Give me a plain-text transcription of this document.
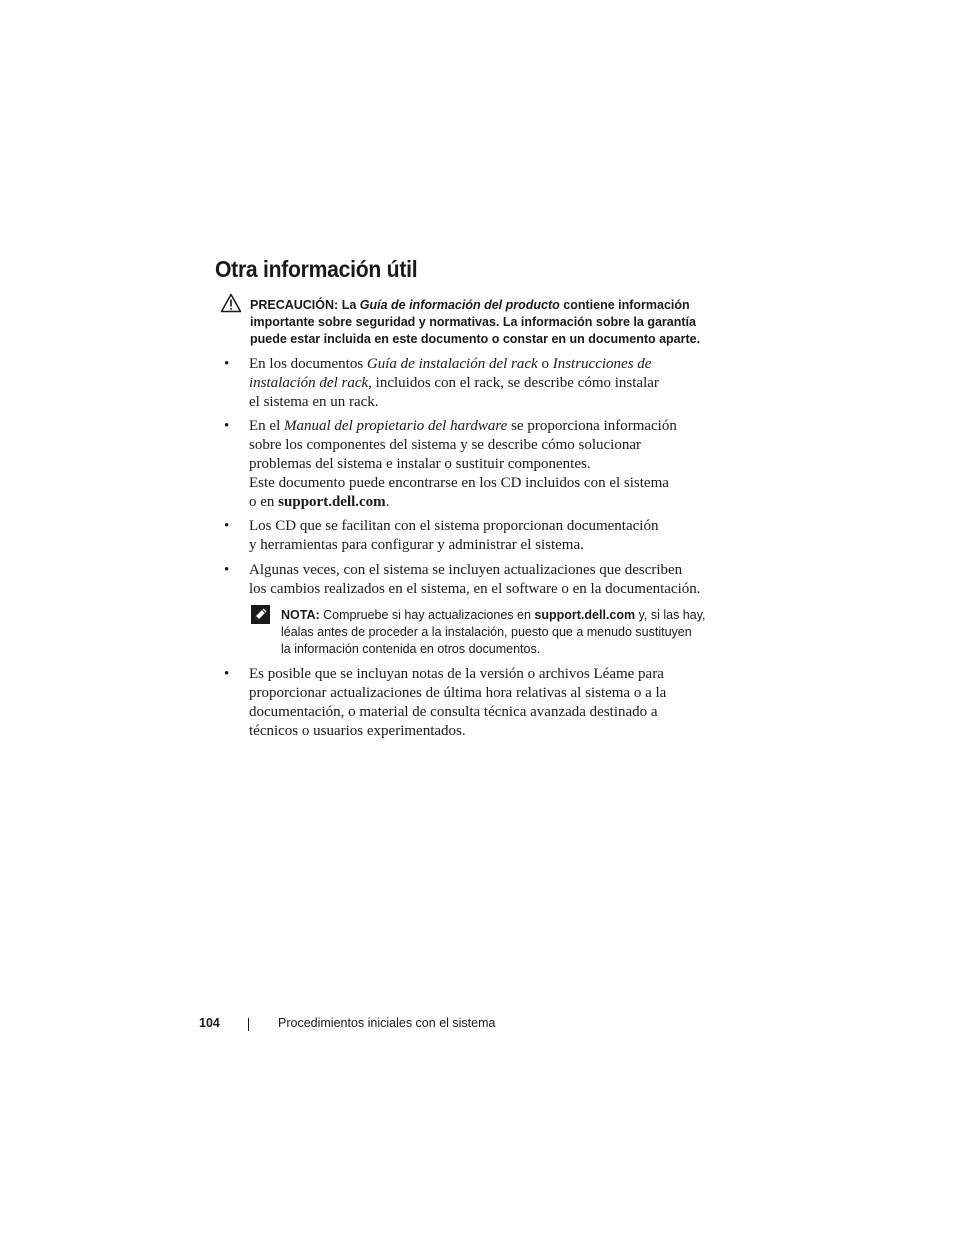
Otra información útil
PRECAUCIÓN: La Guía de información del producto contiene información
importante sobre seguridad y normativas. La información sobre la garantía
puede estar incluida en este documento o constar en un documento aparte.
• En los documentos Guía de instalación del rack o Instrucciones de
instalación del rack, incluidos con el rack, se describe cómo instalar
el sistema en un rack.
• En el Manual del propietario del hardware se proporciona información
sobre los componentes del sistema y se describe cómo solucionar
problemas del sistema e instalar o sustituir componentes.
Este documento puede encontrarse en los CD incluidos con el sistema
o en support.dell.com.
• Los CD que se facilitan con el sistema proporcionan documentación
y herramientas para configurar y administrar el sistema.
• Algunas veces, con el sistema se incluyen actualizaciones que describen
los cambios realizados en el sistema, en el software o en la documentación.
NOTA: Compruebe si hay actualizaciones en support.dell.com y, si las hay,
léalas antes de proceder a la instalación, puesto que a menudo sustituyen
la información contenida en otros documentos.
• Es posible que se incluyan notas de la versión o archivos Léame para
proporcionar actualizaciones de última hora relativas al sistema o a la
documentación, o material de consulta técnica avanzada destinado a
técnicos o usuarios experimentados.
104	Procedimientos iniciales con el sistema
